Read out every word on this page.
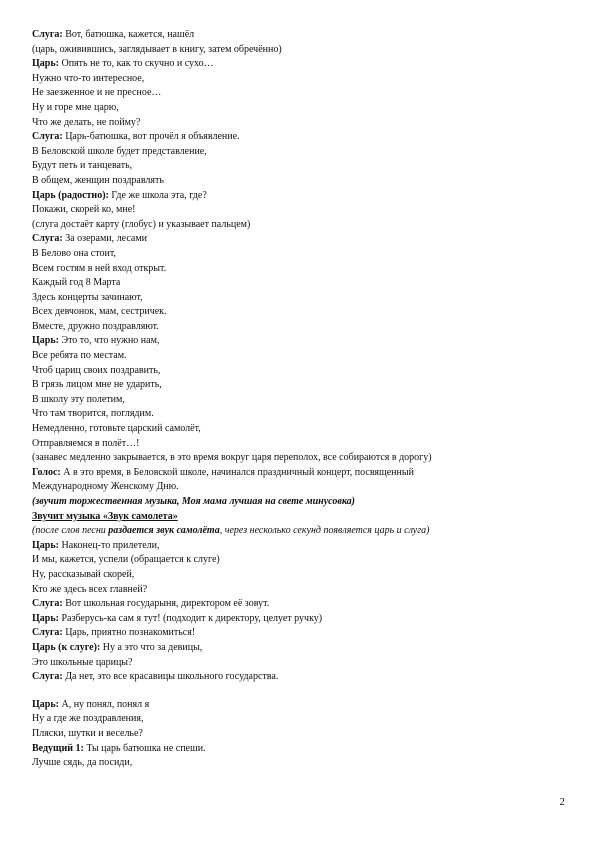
Слуга: Вот, батюшка, кажется, нашёл
(царь, оживившись, заглядывает в книгу, затем обречённо)
Царь: Опять не то, как то скучно и сухо…
Нужно что-то интересное,
Не заезженное и не пресное…
Ну и горе мне царю,
Что же делать, не пойму?
Слуга: Царь-батюшка, вот прочёл я объявление.
В Беловской школе будет представление,
Будут петь и танцевать,
В общем, женщин поздравлять
Царь (радостно): Где же школа эта, где?
Покажи, скорей ко, мне!
(слуга достаёт карту (глобус) и указывает пальцем)
Слуга: За озерами, лесами
В Белово она стоит,
Всем гостям в ней вход открыт.
Каждый год 8 Марта
Здесь концерты зачинают,
Всех девчонок, мам, сестричек.
Вместе, дружно поздравляют.
Царь: Это то, что нужно нам,
Все ребята по местам.
Чтоб цариц своих поздравить,
В грязь лицом мне не ударить,
В школу эту полетим,
Что там творится, поглядим.
Немедленно, готовьте царский самолёт,
Отправляемся в полёт…!
(занавес медленно закрывается, в это время вокруг царя переполох, все собираются в дорогу)
Голос: А в это время, в Беловской школе, начинался праздничный концерт, посвященный
Международному Женскому Дню.
(звучит торжественная музыка, Моя мама лучшая на свете минусовка)
Звучит музыка «Звук самолета»
(после слов песни раздается звук самолёта, через несколько секунд появляется царь и слуга)
Царь: Наконец-то прилетели,
И мы, кажется, успели (обращается к слуге)
Ну, рассказывай скорей,
Кто же здесь всех главней?
Слуга: Вот школьная государыня, директором её зовут.
Царь: Разберусь-ка сам я тут! (подходит к директору, целует ручку)
Слуга: Царь, приятно познакомиться!
Царь (к слуге): Ну а это что за девицы,
Это школьные царицы?
Слуга: Да нет, это все красавицы школьного государства.
Царь: А, ну понял, понял я
Ну а где же поздравления,
Пляски, шутки и веселье?
Ведущий 1: Ты царь батюшка не спеши.
Лучше сядь, да посиди,
2
